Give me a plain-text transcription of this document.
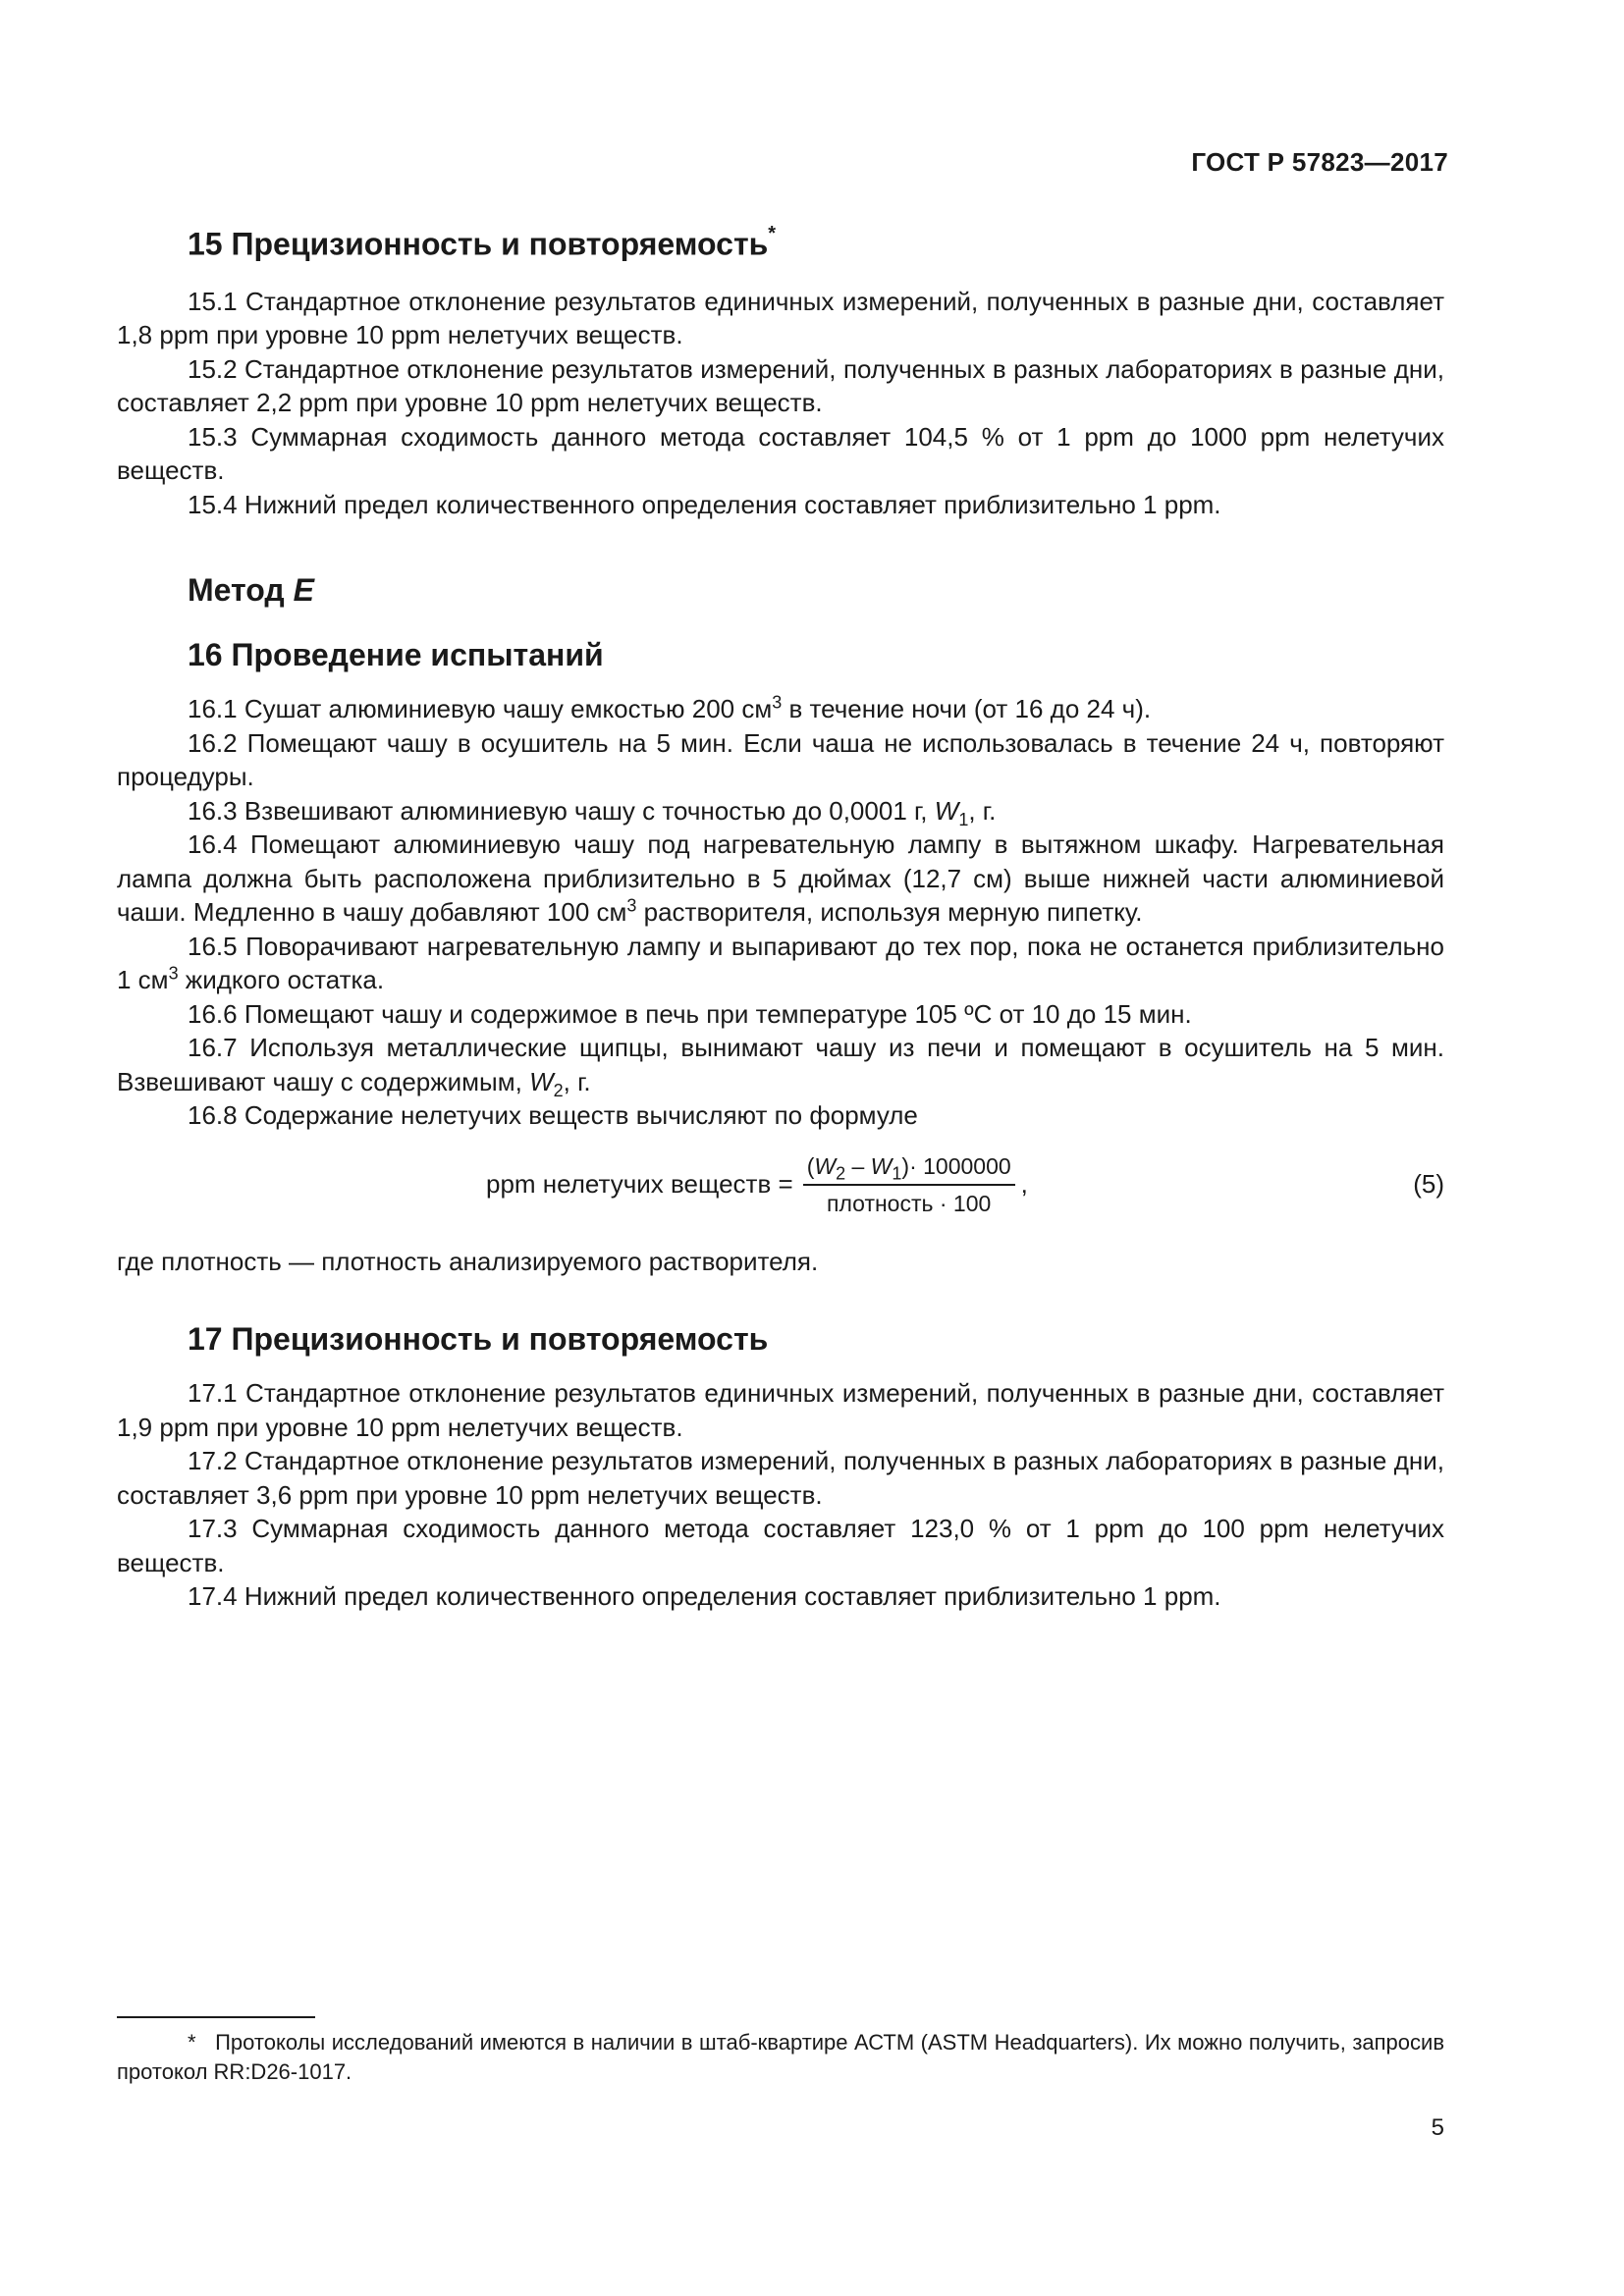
ГОСТ Р 57823—2017
15 Прецизионность и повторяемость*

15.1 Стандартное отклонение результатов единичных измерений, полученных в разные дни, составляет 1,8 ppm при уровне 10 ppm нелетучих веществ.

15.2 Стандартное отклонение результатов измерений, полученных в разных лабораториях в разные дни, составляет 2,2 ppm при уровне 10 ppm нелетучих веществ.

15.3 Суммарная сходимость данного метода составляет 104,5 % от 1 ppm до 1000 ppm нелетучих веществ.

15.4 Нижний предел количественного определения составляет приблизительно 1 ppm.

Метод E
16 Проведение испытаний

16.1 Сушат алюминиевую чашу емкостью 200 $см^3$ в течение ночи (от 16 до 24 ч).

16.2 Помещают чашу в осушитель на 5 мин. Если чаша не использовалась в течение 24 ч, повторяют процедуры.

16.3 Взвешивают алюминиевую чашу с точностью до 0,0001 г, $W_1$, г.

16.4 Помещают алюминиевую чашу под нагревательную лампу в вытяжном шкафу. Нагревательная лампа должна быть расположена приблизительно в 5 дюймах (12,7 см) выше нижней части алюминиевой чаши. Медленно в чашу добавляют 100 $см^3$ растворителя, используя мерную пипетку.

16.5 Поворачивают нагревательную лампу и выпаривают до тех пор, пока не останется приблизительно 1 $см^3$ жидкого остатка.

16.6 Помещают чашу и содержимое в печь при температуре 105 ºС от 10 до 15 мин.

16.7 Используя металлические щипцы, вынимают чашу из печи и помещают в осушитель на 5 мин. Взвешивают чашу с содержимым, $W_2$, г.

16.8 Содержание нелетучих веществ вычисляют по формуле

ppm нелетучих веществ = $\frac{(W_2 - W_1)\cdot 1000000}{\text{плотность · 100}}$ ,	(5)

где плотность — плотность анализируемого растворителя.

17 Прецизионность и повторяемость

17.1 Стандартное отклонение результатов единичных измерений, полученных в разные дни, составляет 1,9 ppm при уровне 10 ppm нелетучих веществ.

17.2 Стандартное отклонение результатов измерений, полученных в разных лабораториях в разные дни, составляет 3,6 ppm при уровне 10 ppm нелетучих веществ.

17.3 Суммарная сходимость данного метода составляет 123,0 % от 1 ppm до 100 ppm нелетучих веществ.

17.4 Нижний предел количественного определения составляет приблизительно 1 ppm.

* Протоколы исследований имеются в наличии в штаб-квартире АСТМ (ASTM Headquarters). Их можно получить, запросив протокол RR:D26-1017.
5
